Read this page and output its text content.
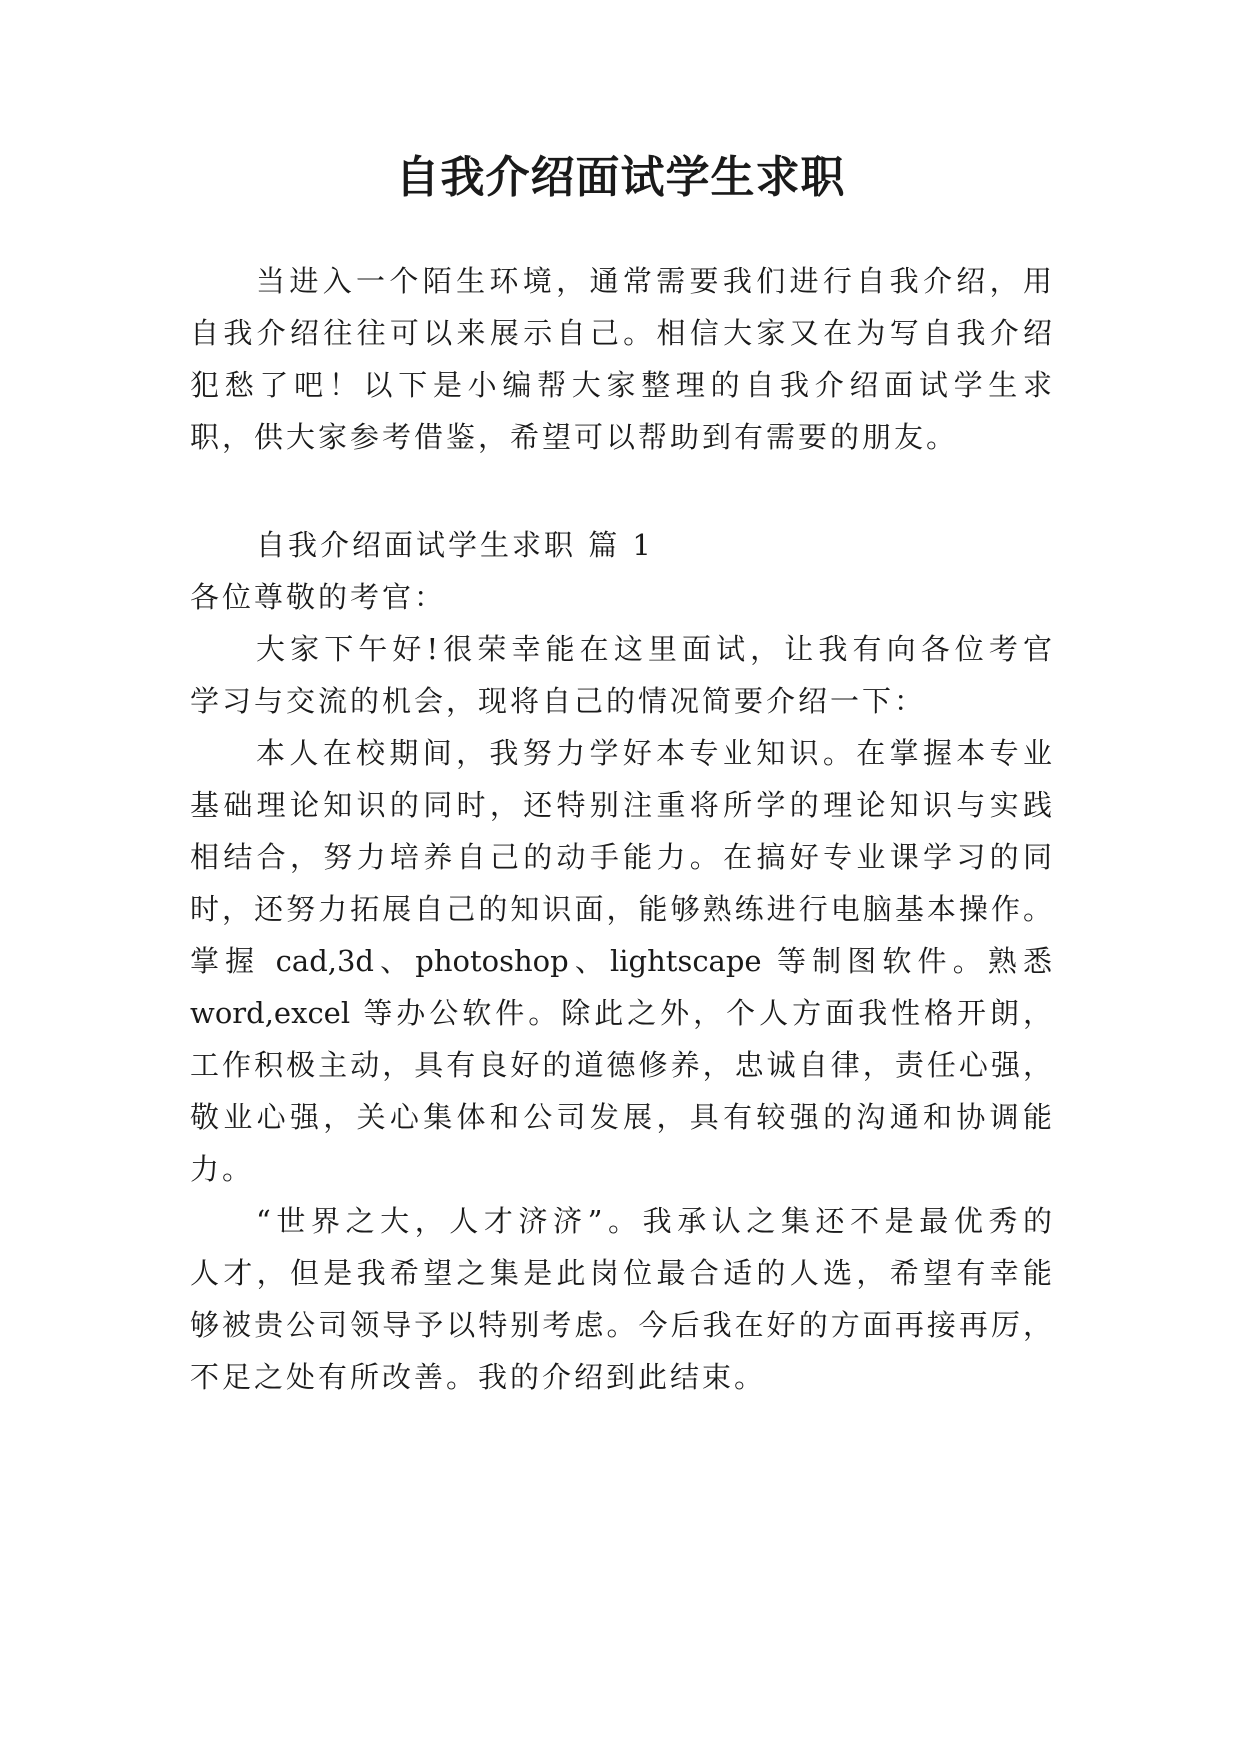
自我介绍面试学生求职
当进入一个陌生环境，通常需要我们进行自我介绍，用
自我介绍往往可以来展示自己。相信大家又在为写自我介绍
犯愁了吧！以下是小编帮大家整理的自我介绍面试学生求
职，供大家参考借鉴，希望可以帮助到有需要的朋友。
自我介绍面试学生求职 篇 1
各位尊敬的考官：
大家下午好!很荣幸能在这里面试，让我有向各位考官
学习与交流的机会，现将自己的情况简要介绍一下：
本人在校期间，我努力学好本专业知识。在掌握本专业
基础理论知识的同时，还特别注重将所学的理论知识与实践
相结合，努力培养自己的动手能力。在搞好专业课学习的同
时，还努力拓展自己的知识面，能够熟练进行电脑基本操作。
掌握 cad,3d、photoshop、lightscape 等制图软件。熟悉
word,excel 等办公软件。除此之外，个人方面我性格开朗，
工作积极主动，具有良好的道德修养，忠诚自律，责任心强，
敬业心强，关心集体和公司发展，具有较强的沟通和协调能
力。
“世界之大，人才济济”。我承认之集还不是最优秀的
人才，但是我希望之集是此岗位最合适的人选，希望有幸能
够被贵公司领导予以特别考虑。今后我在好的方面再接再厉，
不足之处有所改善。我的介绍到此结束。
